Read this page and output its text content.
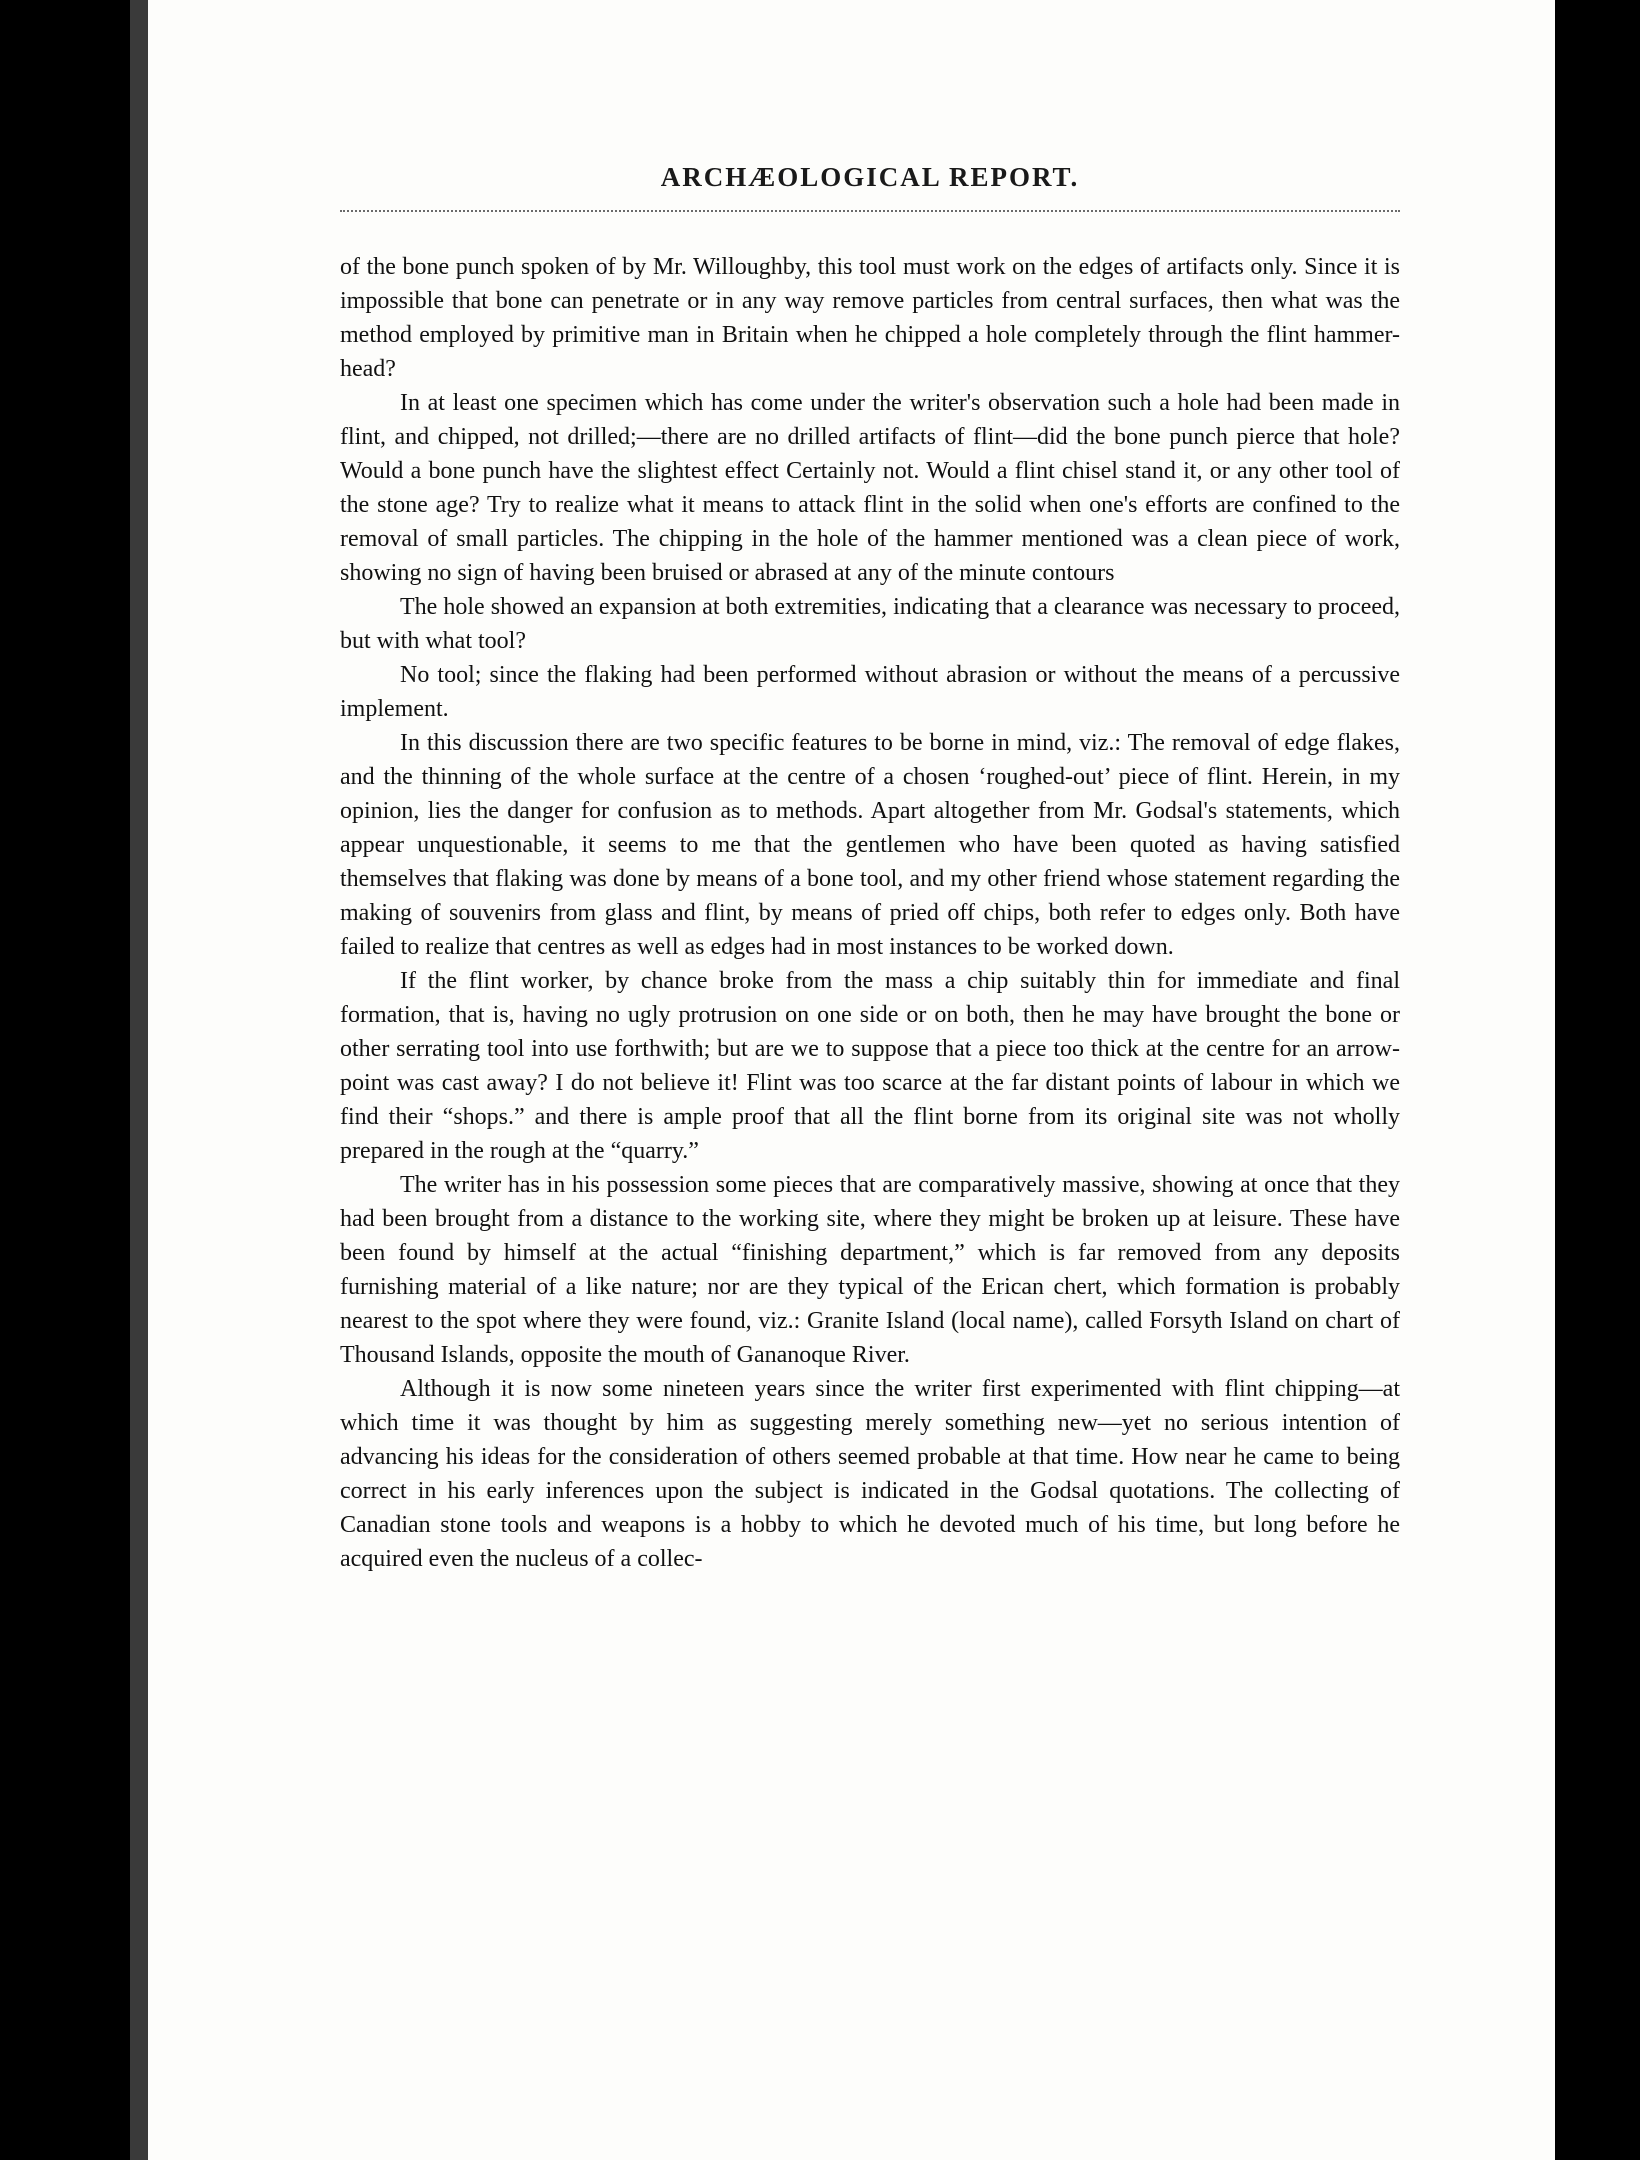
ARCHÆOLOGICAL REPORT.

of the bone punch spoken of by Mr. Willoughby, this tool must work on the edges of artifacts only. Since it is impossible that bone can penetrate or in any way remove particles from central surfaces, then what was the method employed by primitive man in Britain when he chipped a hole completely through the flint hammer-head?

In at least one specimen which has come under the writer's observation such a hole had been made in flint, and chipped, not drilled;—there are no drilled artifacts of flint—did the bone punch pierce that hole? Would a bone punch have the slightest effect Certainly not. Would a flint chisel stand it, or any other tool of the stone age? Try to realize what it means to attack flint in the solid when one's efforts are confined to the removal of small particles. The chipping in the hole of the hammer mentioned was a clean piece of work, showing no sign of having been bruised or abrased at any of the minute contours

The hole showed an expansion at both extremities, indicating that a clearance was necessary to proceed, but with what tool?

No tool; since the flaking had been performed without abrasion or without the means of a percussive implement.

In this discussion there are two specific features to be borne in mind, viz.: The removal of edge flakes, and the thinning of the whole surface at the centre of a chosen ‘roughed-out’ piece of flint. Herein, in my opinion, lies the danger for confusion as to methods. Apart altogether from Mr. Godsal's statements, which appear unquestionable, it seems to me that the gentlemen who have been quoted as having satisfied themselves that flaking was done by means of a bone tool, and my other friend whose statement regarding the making of souvenirs from glass and flint, by means of pried off chips, both refer to edges only. Both have failed to realize that centres as well as edges had in most instances to be worked down.

If the flint worker, by chance broke from the mass a chip suitably thin for immediate and final formation, that is, having no ugly protrusion on one side or on both, then he may have brought the bone or other serrating tool into use forthwith; but are we to suppose that a piece too thick at the centre for an arrow-point was cast away? I do not believe it! Flint was too scarce at the far distant points of labour in which we find their “shops.” and there is ample proof that all the flint borne from its original site was not wholly prepared in the rough at the “quarry.”

The writer has in his possession some pieces that are comparatively massive, showing at once that they had been brought from a distance to the working site, where they might be broken up at leisure. These have been found by himself at the actual “finishing department,” which is far removed from any deposits furnishing material of a like nature; nor are they typical of the Erican chert, which formation is probably nearest to the spot where they were found, viz.: Granite Island (local name), called Forsyth Island on chart of Thousand Islands, opposite the mouth of Gananoque River.

Although it is now some nineteen years since the writer first experimented with flint chipping—at which time it was thought by him as suggesting merely something new—yet no serious intention of advancing his ideas for the consideration of others seemed probable at that time. How near he came to being correct in his early inferences upon the subject is indicated in the Godsal quotations. The collecting of Canadian stone tools and weapons is a hobby to which he devoted much of his time, but long before he acquired even the nucleus of a collec-
